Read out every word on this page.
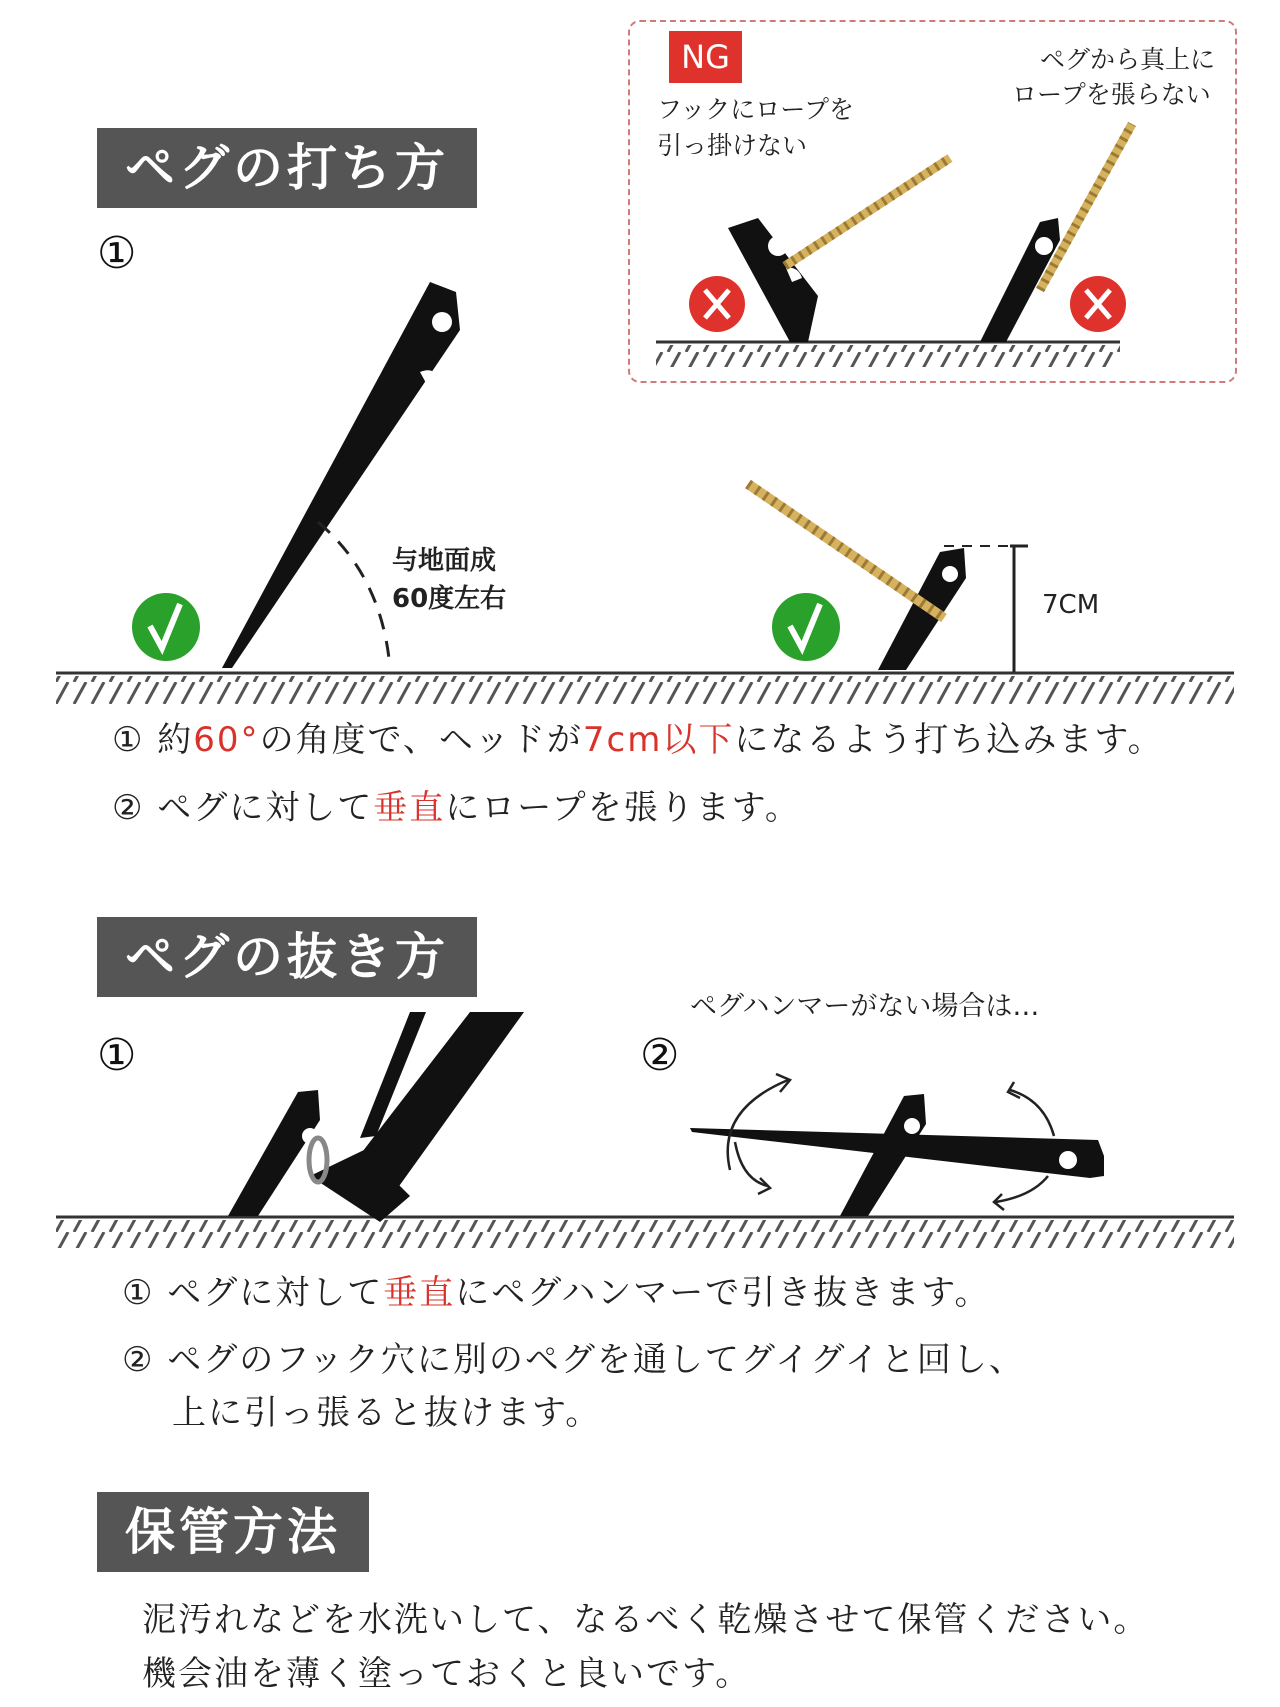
ペグの打ち方
①
NG
フックにロープを
引っ掛けない
ペグから真上に
ロープを張らない
与地面成
60度左右	7CM
① 約60°の角度で、ヘッドが7cm以下になるよう打ち込みます。
② ペグに対して垂直にロープを張ります。
ペグの抜き方
①	②
ペグハンマーがない場合は…
① ペグに対して垂直にペグハンマーで引き抜きます。
② ペグのフック穴に別のペグを通してグイグイと回し、
上に引っ張ると抜けます。
保管方法
泥汚れなどを水洗いして、なるべく乾燥させて保管ください。
機会油を薄く塗っておくと良いです。
